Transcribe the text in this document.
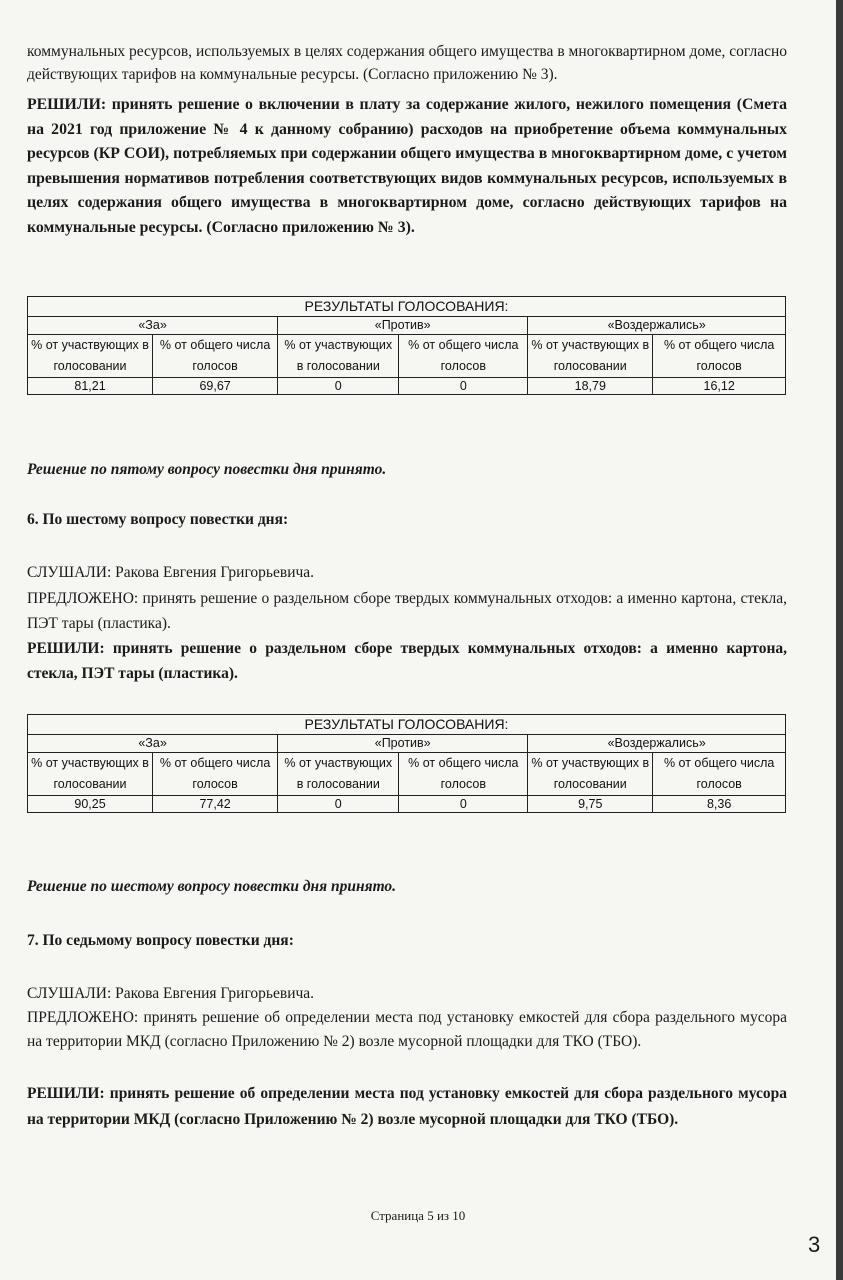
коммунальных ресурсов, используемых в целях содержания общего имущества в многоквартирном доме, согласно действующих тарифов на коммунальные ресурсы. (Согласно приложению № 3).

РЕШИЛИ: принять решение о включении в плату за содержание жилого, нежилого помещения (Смета на 2021 год приложение № 4 к данному собранию) расходов на приобретение объема коммунальных ресурсов (КР СОИ), потребляемых при содержании общего имущества в многоквартирном доме, с учетом превышения нормативов потребления соответствующих видов коммунальных ресурсов, используемых в целях содержания общего имущества в многоквартирном доме, согласно действующих тарифов на коммунальные ресурсы. (Согласно приложению № 3).

РЕЗУЛЬТАТЫ ГОЛОСОВАНИЯ:					
«За»		«Против»		«Воздержались»	
% от участвующих в голосовании	% от общего числа голосов	% от участвующих в голосовании	% от общего числа голосов	% от участвующих в голосовании	% от общего числа голосов
81,21	69,67	0	0	18,79	16,12

Решение по пятому вопросу повестки дня принято.

6. По шестому вопросу повестки дня:

СЛУШАЛИ: Ракова Евгения Григорьевича.

ПРЕДЛОЖЕНО: принять решение о раздельном сборе твердых коммунальных отходов: а именно картона, стекла, ПЭТ тары (пластика).

РЕШИЛИ: принять решение о раздельном сборе твердых коммунальных отходов: а именно картона, стекла, ПЭТ тары (пластика).

РЕЗУЛЬТАТЫ ГОЛОСОВАНИЯ:					
«За»		«Против»		«Воздержались»	
% от участвующих в голосовании	% от общего числа голосов	% от участвующих в голосовании	% от общего числа голосов	% от участвующих в голосовании	% от общего числа голосов
90,25	77,42	0	0	9,75	8,36

Решение по шестому вопросу повестки дня принято.

7. По седьмому вопросу повестки дня:

СЛУШАЛИ: Ракова Евгения Григорьевича.

ПРЕДЛОЖЕНО: принять решение об определении места под установку емкостей для сбора раздельного мусора на территории МКД (согласно Приложению № 2) возле мусорной площадки для ТКО (ТБО).

РЕШИЛИ: принять решение об определении места под установку емкостей для сбора раздельного мусора на территории МКД (согласно Приложению № 2) возле мусорной площадки для ТКО (ТБО).

Страница 5 из 10
3
